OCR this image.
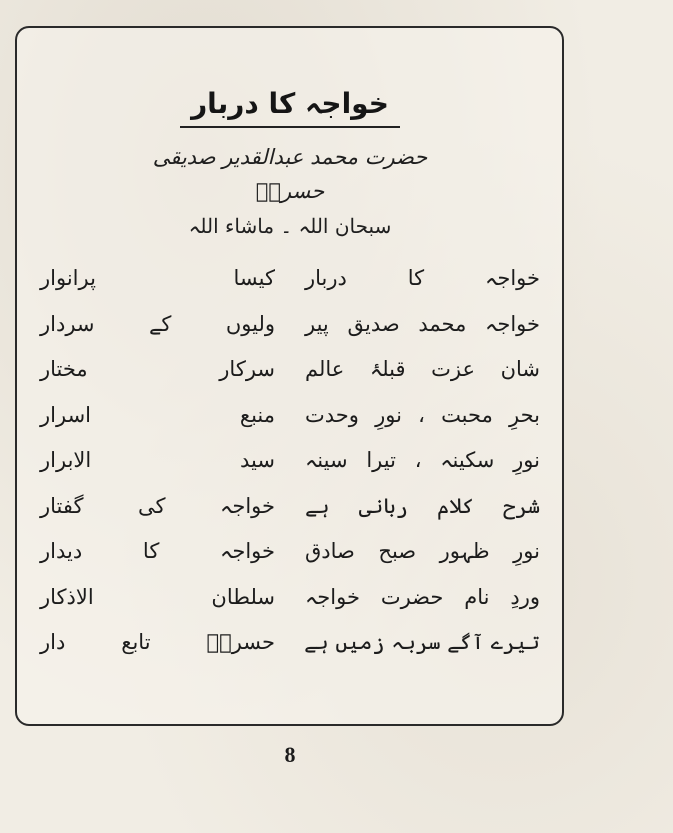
خواجہ کا دربار
حضرت محمد عبدالقدیر صدیقی حسرتؔ
سبحان اللہ ۔ ماشاء اللہ
خواجہ کا دربار
کیسا پرانوار
خواجہ محمد صدیق پیر
ولیوں کے سردار
شان عزت قبلۂ عالم
سرکار مختار
بحرِ محبت ، نورِ وحدت
منبع اسرار
نورِ سکینہ ، تیرا سینہ
سید الابرار
شرح کلام ربانی ہے
خواجہ کی گفتار
نورِ ظہور صبح صادق
خواجہ کا دیدار
وردِ نام حضرت خواجہ
سلطان الاذکار
تیرے آگے سربہ زمیں ہے
حسرتؔ تابع دار
8
